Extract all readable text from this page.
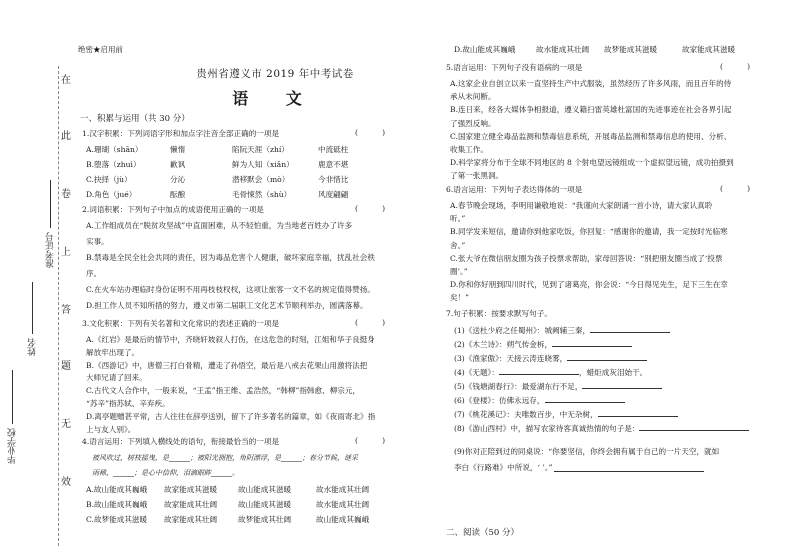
在
此
卷
上
答
题
无
效
准考证号
姓名
毕业学校
绝密★启用前
贵州省遵义市 2019 年中考试卷
语 文
一、积累与运用（共 30 分）
1.汉字积累：下列词语字形和加点字注音全部正确的一项是	(          )
A.珊瑚（shān）	懒惰	陷阮天涯（zhí）	中流砥柱
B.堕落（zhuì）	歉讽	鲜为人知（xiǎn）	鹿意不堪
C.抉择（jù）	分沁	潜移默会（mò）	今非惜比
D.角色（jué）	酝酿	毛骨悚然（shù）	风度翩翩
2.词语积累：下列句子中加点的成语使用正确的一项是	(          )
A.工作组成员在“脱贫攻坚战”中直面困难，从不轻怕重，为当地老百姓办了许多
实事。
B.禁毒是全民全社会共同的责任，因为毒品危害个人健康，破坏家庭幸福，扰乱社会秩
序。
C.在火车站办理临时身份证明不用再枝枝杈杈，这项让旅客一文不名的规定值得赞扬。
D.担工作人员不知所措的努力，遵义市第二届职工文化艺术节顺利举办，圆满落幕。
3.文化积累：下列有关名著和文化常识的表述正确的一项是	(          )
A.《红岩》是最后的情节中，齐晓轩坡叙人打伤，在这危急的时刻，江姐和华子良挺身
解放牢出现了。
B.《西游记》中，唐僧三打白骨精，遭走了孙悟空，最后是八戒去花果山用激将法把
大师兄请了回来。
C.古代文人合作中，一般来说，“王孟”指王维、孟浩然，“韩柳”指韩愈、柳宗元，
“苏辛”指苏轼、辛弃疾。
D.离亭题赠甚平常，古人往往在辞亭送别，留下了许多著名的篇章，如《夜雨寄北》指
上与友人别》。
4.语言运用：下列填入横线处的语句，衔接最恰当的一项是	(          )
被风吹过，树枝摇曳，是______；被阳光拥抱，角阴漂浮，是______；春分节候，谜采
雨稀，______；是心中信仰，泪滴眼眸______。
A.故山能成其巍峨 故家能成其滋暖	故山能成其滋暖	故水能成其壮阔
B.故山能成其巍峨 故家能成其壮阔	故山能成其滋暖	故水能成其壮阔
C.故梦能成其滋暖 故家能成其壮阔	故梦能成其壮阔	故山能成其巍峨
D.故山能成其巍峨	故水能成其壮阔 故梦能成其滋暖	故家能成其滋暖
5.语言运用：下列句子没有语病的一项是	(          )
A.这家企业自创立以来一直坚持生产中式服装，虽然经历了许多风雨，而且百年的侍
承从未间断。
B.连日来，经各大媒体争相报道，遵义籍扫雷英雄杜富国的先进事迹在社会各界引起
了强烈反响。
C.国家建立健全毒品监测和禁毒信息系统，开展毒品监测和禁毒信息的使用、分析、
收集工作。
D.科学家将分布于全球不同地区的 8 个射电望远镜组成一个虚拟望远镜，成功拍摄到
了第一张黑洞。
6.语言运用：下列句子表达得体的一项是	(          )
A.春节晚会现场，李明用谦敬地说：“我谨向大家朗诵一首小诗，请大家认真聆
听。”
B.同学发来短信，邀请你到他家吃饭，你回复：“感谢你的邀请，我一定按时光临寒
舍。”
C.张大爷在微信朋友圈为孩子投票求帮助，家母回答说：“别把朋友圈当成了‘投票
圈’。”
D.你和你好朋到四川时代，见到了诸葛亮，你会说：“今日得见先生，足下三生在幸
矣！”
7.句子积累：按要求默写句子。
(1)《送杜少府之任蜀州》：城阙辅三秦，
(2)《木兰诗》：朔气传金柝，
(3)《渔家傲》：天接云涛连晓雾，
(4)《无题》：	，蜡炬成灰泪始干。
(5)《钱塘湖春行》：最爱湖东行不足，
(6)《登楼》：仿佛永远存，
(7)《桃花溪记》：夫唯数百步，中无杂树，
(8)《游山西村》中，描写农家待客真诚热情的句子是：
(9)你对正陪到过的同桌说：“你要坚信，你终会拥有属于自己的一片天空，就如
李白《行路难》中所说，‘ ’。”
二、阅读（50 分）
